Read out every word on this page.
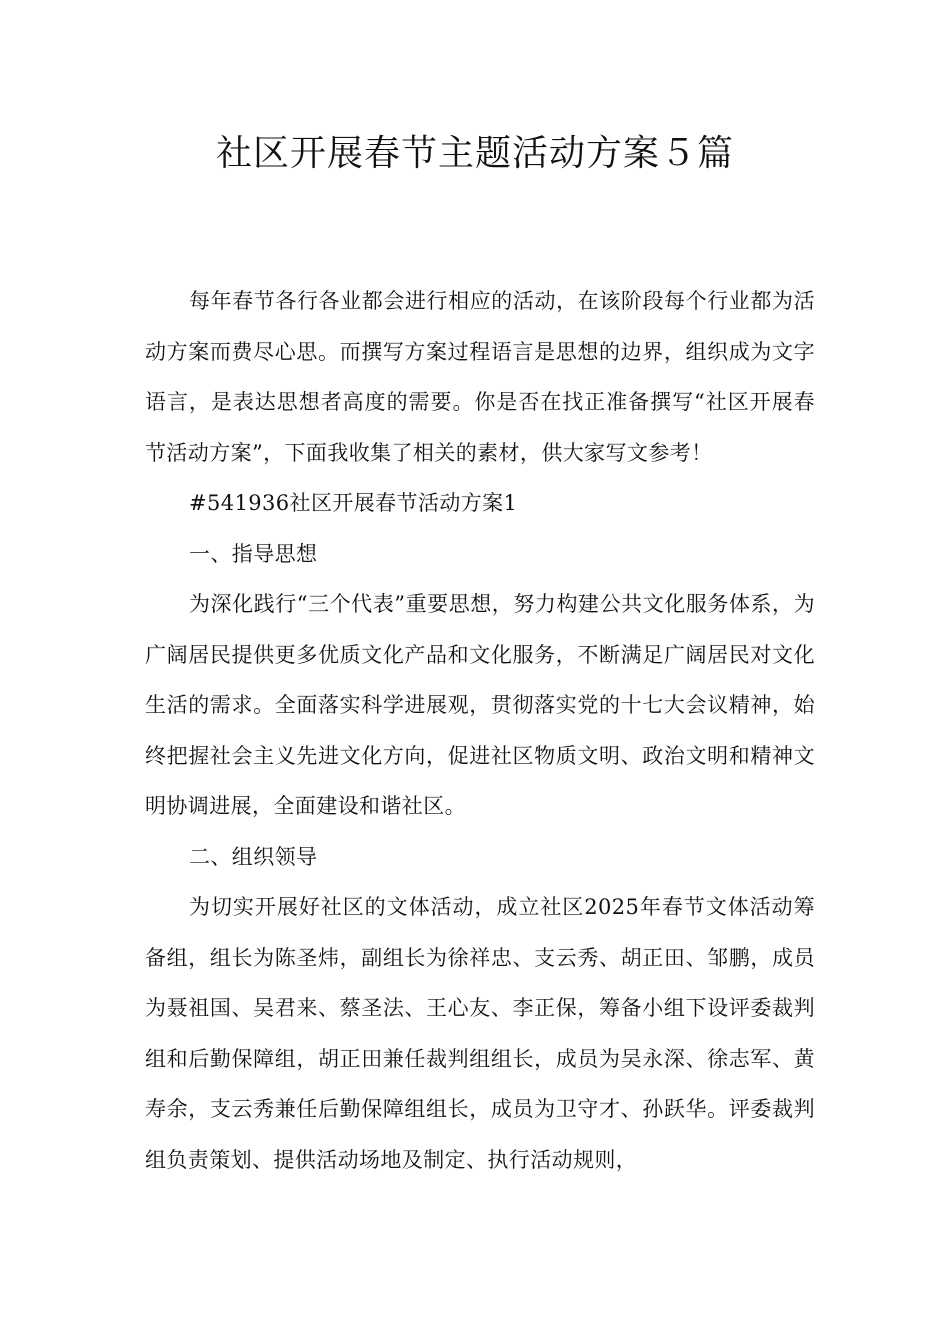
社区开展春节主题活动方案５篇

每年春节各行各业都会进行相应的活动，在该阶段每个行业都为活动方案而费尽心思。而撰写方案过程语言是思想的边界，组织成为文字语言，是表达思想者高度的需要。你是否在找正准备撰写“社区开展春节活动方案”，下面我收集了相关的素材，供大家写文参考！

#541936社区开展春节活动方案1

一、指导思想

为深化践行“三个代表”重要思想，努力构建公共文化服务体系，为广阔居民提供更多优质文化产品和文化服务，不断满足广阔居民对文化生活的需求。全面落实科学进展观，贯彻落实党的十七大会议精神，始终把握社会主义先进文化方向，促进社区物质文明、政治文明和精神文明协调进展，全面建设和谐社区。

二、组织领导

为切实开展好社区的文体活动，成立社区2025年春节文体活动筹备组，组长为陈圣炜，副组长为徐祥忠、支云秀、胡正田、邹鹏，成员为聂祖国、吴君来、蔡圣法、王心友、李正保，筹备小组下设评委裁判组和后勤保障组，胡正田兼任裁判组组长，成员为吴永深、徐志军、黄寿余，支云秀兼任后勤保障组组长，成员为卫守才、孙跃华。评委裁判组负责策划、提供活动场地及制定、执行活动规则，
